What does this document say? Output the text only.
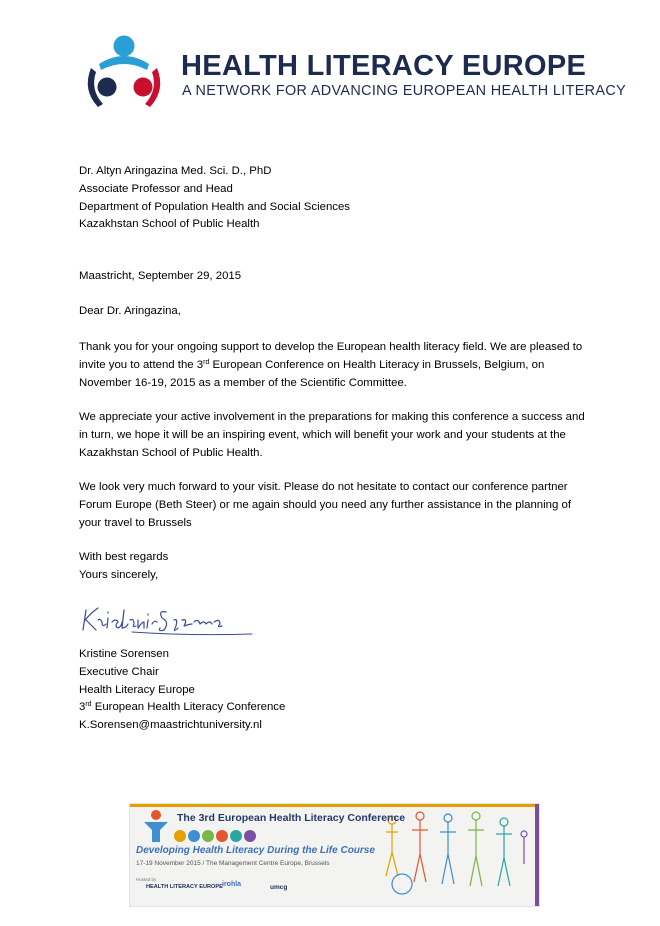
HEALTH LITERACY EUROPE
A NETWORK FOR ADVANCING EUROPEAN HEALTH LITERACY
Dr. Altyn Aringazina Med. Sci. D., PhD
Associate Professor and Head
Department of Population Health and Social Sciences
Kazakhstan School of Public Health
Maastricht, September 29, 2015
Dear Dr. Aringazina,
Thank you for your ongoing support to develop the European health literacy field. We are pleased to
invite you to attend the 3rd European Conference on Health Literacy in Brussels, Belgium, on
November 16-19, 2015 as a member of the Scientific Committee.
We appreciate your active involvement in the preparations for making this conference a success and
in turn, we hope it will be an inspiring event, which will benefit your work and your students at the
Kazakhstan School of Public Health.
We look very much forward to your visit. Please do not hesitate to contact our conference partner
Forum Europe (Beth Steer) or me again should you need any further assistance in the planning of
your travel to Brussels
With best regards
Yours sincerely,
Kristine Sorensen
Executive Chair
Health Literacy Europe
3rd European Health Literacy Conference
K.Sorensen@maastrichtuniversity.nl
The 3rd European Health Literacy Conference
Developing Health Literacy During the Life Course
17-19 November 2015 / The Management Centre Europe, Brussels
Hosted by
HEALTH LITERACY EUROPE irohla	umcg
